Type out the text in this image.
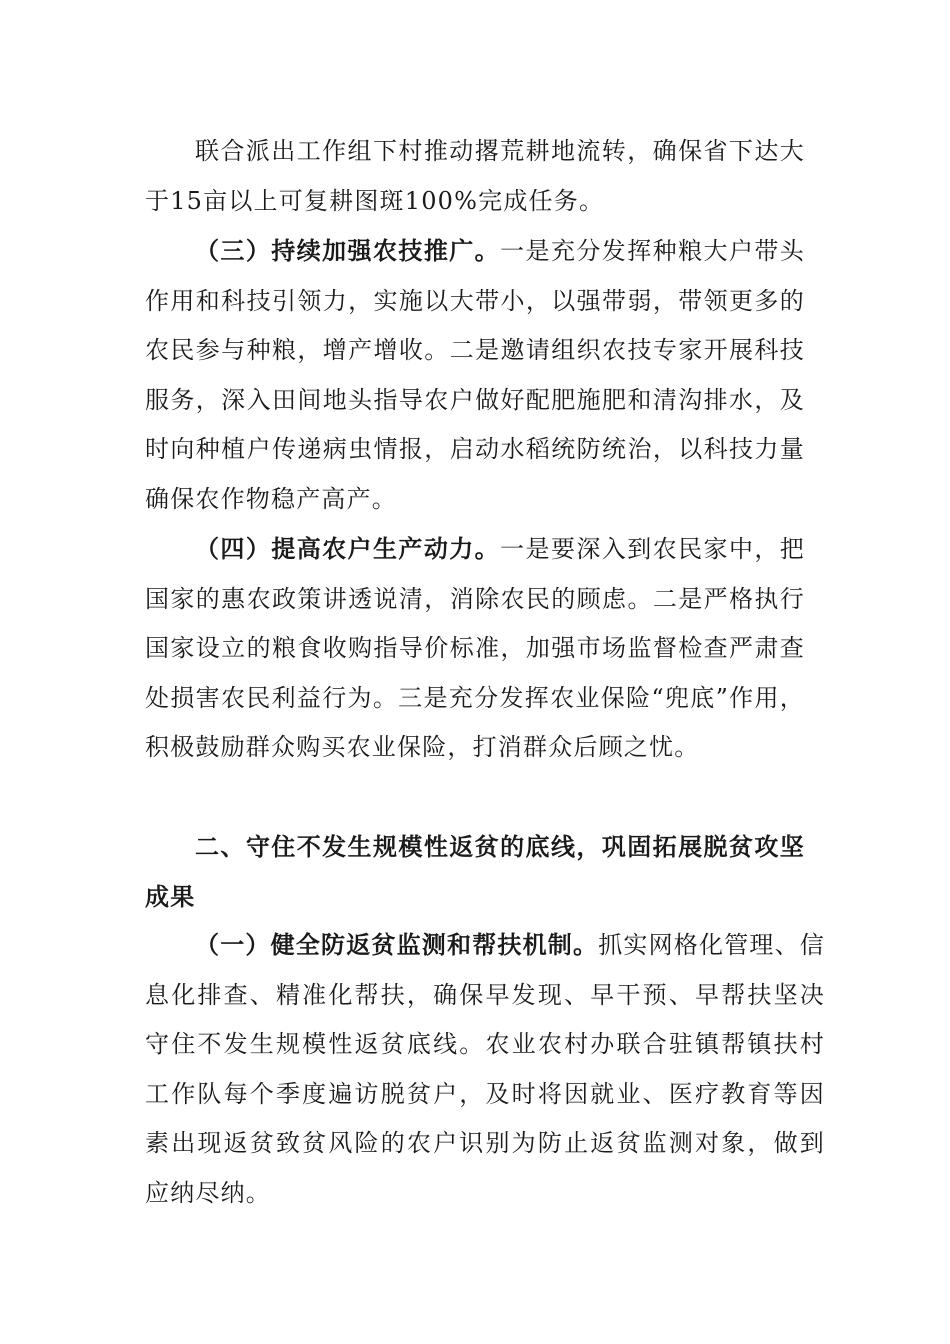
联合派出工作组下村推动撂荒耕地流转，确保省下达大于15亩以上可复耕图斑100%完成任务。

（三）持续加强农技推广。一是充分发挥种粮大户带头作用和科技引领力，实施以大带小，以强带弱，带领更多的农民参与种粮，增产增收。二是邀请组织农技专家开展科技服务，深入田间地头指导农户做好配肥施肥和清沟排水，及时向种植户传递病虫情报，启动水稻统防统治，以科技力量确保农作物稳产高产。

（四）提高农户生产动力。一是要深入到农民家中，把国家的惠农政策讲透说清，消除农民的顾虑。二是严格执行国家设立的粮食收购指导价标准，加强市场监督检查严肃查处损害农民利益行为。三是充分发挥农业保险“兜底”作用，积极鼓励群众购买农业保险，打消群众后顾之忧。

二、守住不发生规模性返贫的底线，巩固拓展脱贫攻坚成果

（一）健全防返贫监测和帮扶机制。抓实网格化管理、信息化排查、精准化帮扶，确保早发现、早干预、早帮扶坚决守住不发生规模性返贫底线。农业农村办联合驻镇帮镇扶村工作队每个季度遍访脱贫户，及时将因就业、医疗教育等因素出现返贫致贫风险的农户识别为防止返贫监测对象，做到应纳尽纳。
